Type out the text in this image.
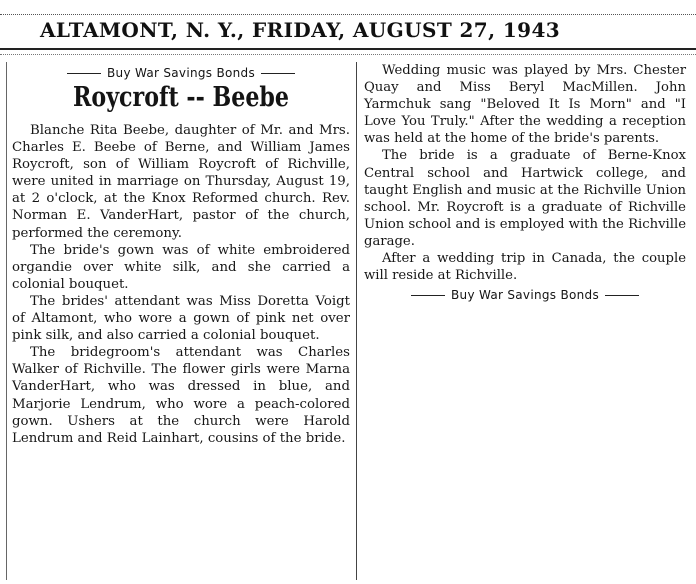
ALTAMONT, N. Y., FRIDAY, AUGUST 27, 1943
Buy War Savings Bonds
Roycroft -- Beebe

Blanche Rita Beebe, daughter of Mr. and Mrs. Charles E. Beebe of Berne, and William James Roycroft, son of William Roycroft of Richville, were united in marriage on Thursday, August 19, at 2 o'clock, at the Knox Reformed church. Rev. Norman E. VanderHart, pastor of the church, performed the ceremony.

The bride's gown was of white embroidered organdie over white silk, and she carried a colonial bouquet.

The brides' attendant was Miss Doretta Voigt of Altamont, who wore a gown of pink net over pink silk, and also carried a colonial bouquet.

The bridegroom's attendant was Charles Walker of Richville. The flower girls were Marna VanderHart, who was dressed in blue, and Marjorie Lendrum, who wore a peach-colored gown. Ushers at the church were Harold Lendrum and Reid Lainhart, cousins of the bride.

Wedding music was played by Mrs. Chester Quay and Miss Beryl MacMillen. John Yarmchuk sang "Beloved It Is Morn" and "I Love You Truly." After the wedding a reception was held at the home of the bride's parents.

The bride is a graduate of Berne-Knox Central school and Hartwick college, and taught English and music at the Richville Union school. Mr. Roycroft is a graduate of Richville Union school and is employed with the Richville garage.

After a wedding trip in Canada, the couple will reside at Richville.

Buy War Savings Bonds
